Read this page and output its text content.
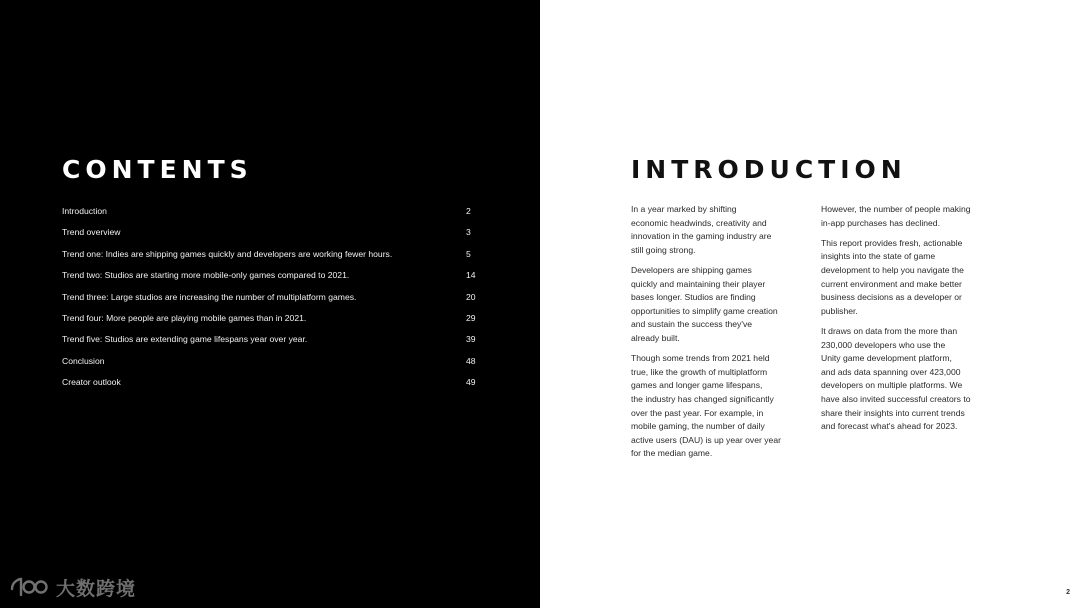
CONTENTS
Introduction	2
Trend overview	3
Trend one: Indies are shipping games quickly and developers are working fewer hours.	5
Trend two: Studios are starting more mobile-only games compared to 2021.	14
Trend three: Large studios are increasing the number of multiplatform games.	20
Trend four: More people are playing mobile games than in 2021.	29
Trend five: Studios are extending game lifespans year over year.	39
Conclusion	48
Creator outlook	49
大数跨境
INTRODUCTION

In a year marked by shifting
economic headwinds, creativity and
innovation in the gaming industry are
still going strong.

Developers are shipping games
quickly and maintaining their player
bases longer. Studios are finding
opportunities to simplify game creation
and sustain the success they've
already built.

Though some trends from 2021 held
true, like the growth of multiplatform
games and longer game lifespans,
the industry has changed significantly
over the past year. For example, in
mobile gaming, the number of daily
active users (DAU) is up year over year
for the median game.

However, the number of people making
in-app purchases has declined.

This report provides fresh, actionable
insights into the state of game
development to help you navigate the
current environment and make better
business decisions as a developer or
publisher.

It draws on data from the more than
230,000 developers who use the
Unity game development platform,
and ads data spanning over 423,000
developers on multiple platforms. We
have also invited successful creators to
share their insights into current trends
and forecast what's ahead for 2023.

2
